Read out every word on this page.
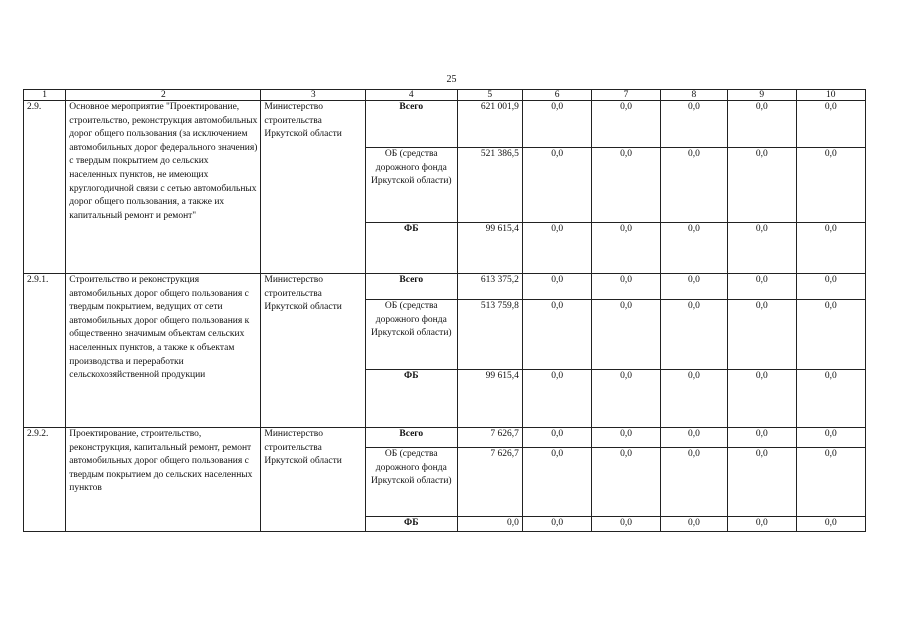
25
1	2	3	4	5	6	7	8	9	10
2.9.	Основное мероприятие "Проектирование, строительство, реконструкция автомобильных дорог общего пользования (за исключением автомобильных дорог федерального значения) с твердым покрытием до сельских населенных пунктов, не имеющих круглогодичной связи с сетью автомобильных дорог общего пользования, а также их капитальный ремонт и ремонт"	Министерство строительства Иркутской области	Всего	621 001,9	0,0	0,0	0,0	0,0	0,0
			ОБ (средства дорожного фонда Иркутской области)	521 386,5	0,0	0,0	0,0	0,0	0,0
			ФБ	99 615,4	0,0	0,0	0,0	0,0	0,0
2.9.1.	Строительство и реконструкция автомобильных дорог общего пользования с твердым покрытием, ведущих от сети автомобильных дорог общего пользования к общественно значимым объектам сельских населенных пунктов, а также к объектам производства и переработки сельскохозяйственной продукции	Министерство строительства Иркутской области	Всего	613 375,2	0,0	0,0	0,0	0,0	0,0
			ОБ (средства дорожного фонда Иркутской области)	513 759,8	0,0	0,0	0,0	0,0	0,0
			ФБ	99 615,4	0,0	0,0	0,0	0,0	0,0
2.9.2.	Проектирование, строительство, реконструкция, капитальный ремонт, ремонт автомобильных дорог общего пользования с твердым покрытием до сельских населенных пунктов	Министерство строительства Иркутской области	Всего	7 626,7	0,0	0,0	0,0	0,0	0,0
			ОБ (средства дорожного фонда Иркутской области)	7 626,7	0,0	0,0	0,0	0,0	0,0
			ФБ	0,0	0,0	0,0	0,0	0,0	0,0
